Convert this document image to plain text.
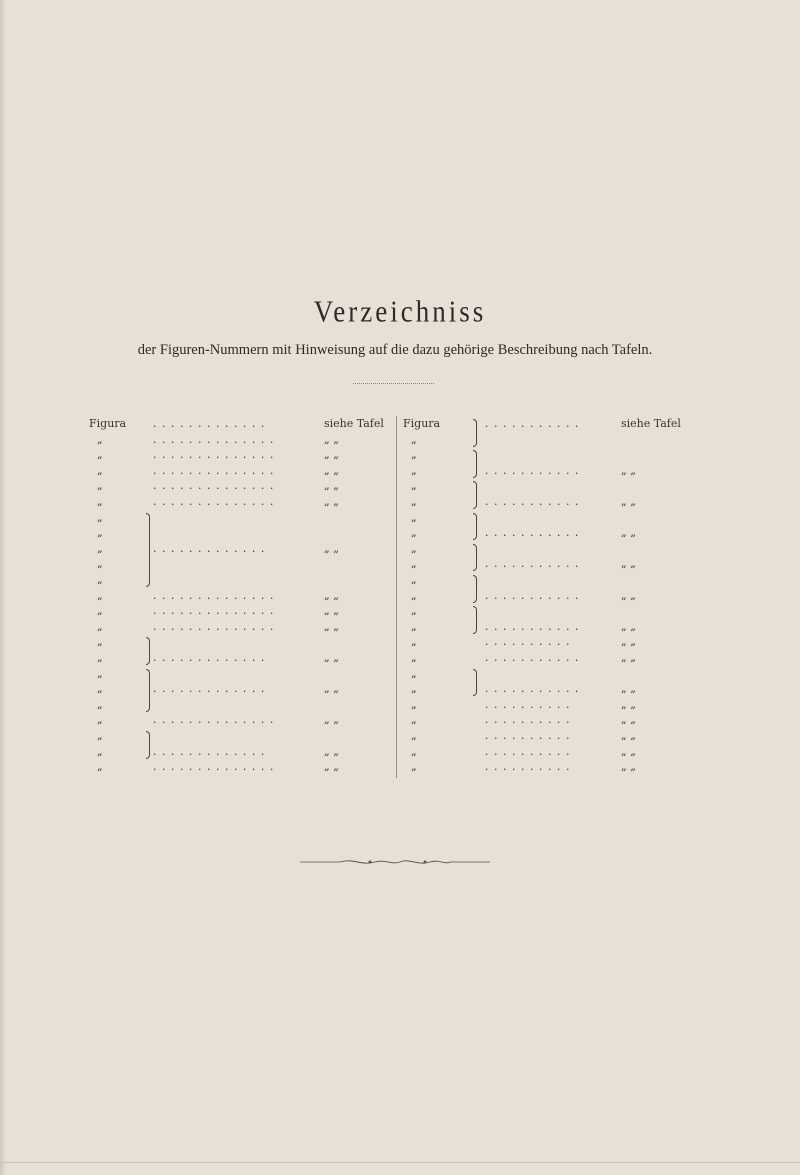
Verzeichniss
der Figuren-Nummern mit Hinweisung auf die dazu gehörige Beschreibung nach Tafeln.
Figura . . . . . . . . . . . . .	siehe Tafel
„	. . . . . . . . . . . . . .	„ „
„	. . . . . . . . . . . . . .	„ „
„	. . . . . . . . . . . . . .	„ „
„	. . . . . . . . . . . . . .	„ „
„	. . . . . . . . . . . . . .	„ „
„
„
„	. . . . . . . . . . . . .	„ „
„
„
„	. . . . . . . . . . . . . .	„ „
„	. . . . . . . . . . . . . .	„ „
„	. . . . . . . . . . . . . .	„ „
„
„	. . . . . . . . . . . . .	„ „
„
„	. . . . . . . . . . . . .	„ „
„
„	. . . . . . . . . . . . . .	„ „
„
„	. . . . . . . . . . . . .	„ „
„	. . . . . . . . . . . . . .	„ „
Figura	. . . . . . . . . . .	siehe Tafel
„
„
„	. . . . . . . . . . .	„ „
„
„	. . . . . . . . . . .	„ „
„
„	. . . . . . . . . . .	„ „
„
„	. . . . . . . . . . .	„ „
„
„	. . . . . . . . . . .	„ „
„
„	. . . . . . . . . . .	„ „
„	. . . . . . . . . .	„ „
„	. . . . . . . . . . .	„ „
„
„	. . . . . . . . . . .	„ „
„	. . . . . . . . . .	„ „
„	. . . . . . . . . .	„ „
„	. . . . . . . . . .	„ „
„	. . . . . . . . . .	„ „
„	. . . . . . . . . .	„ „
